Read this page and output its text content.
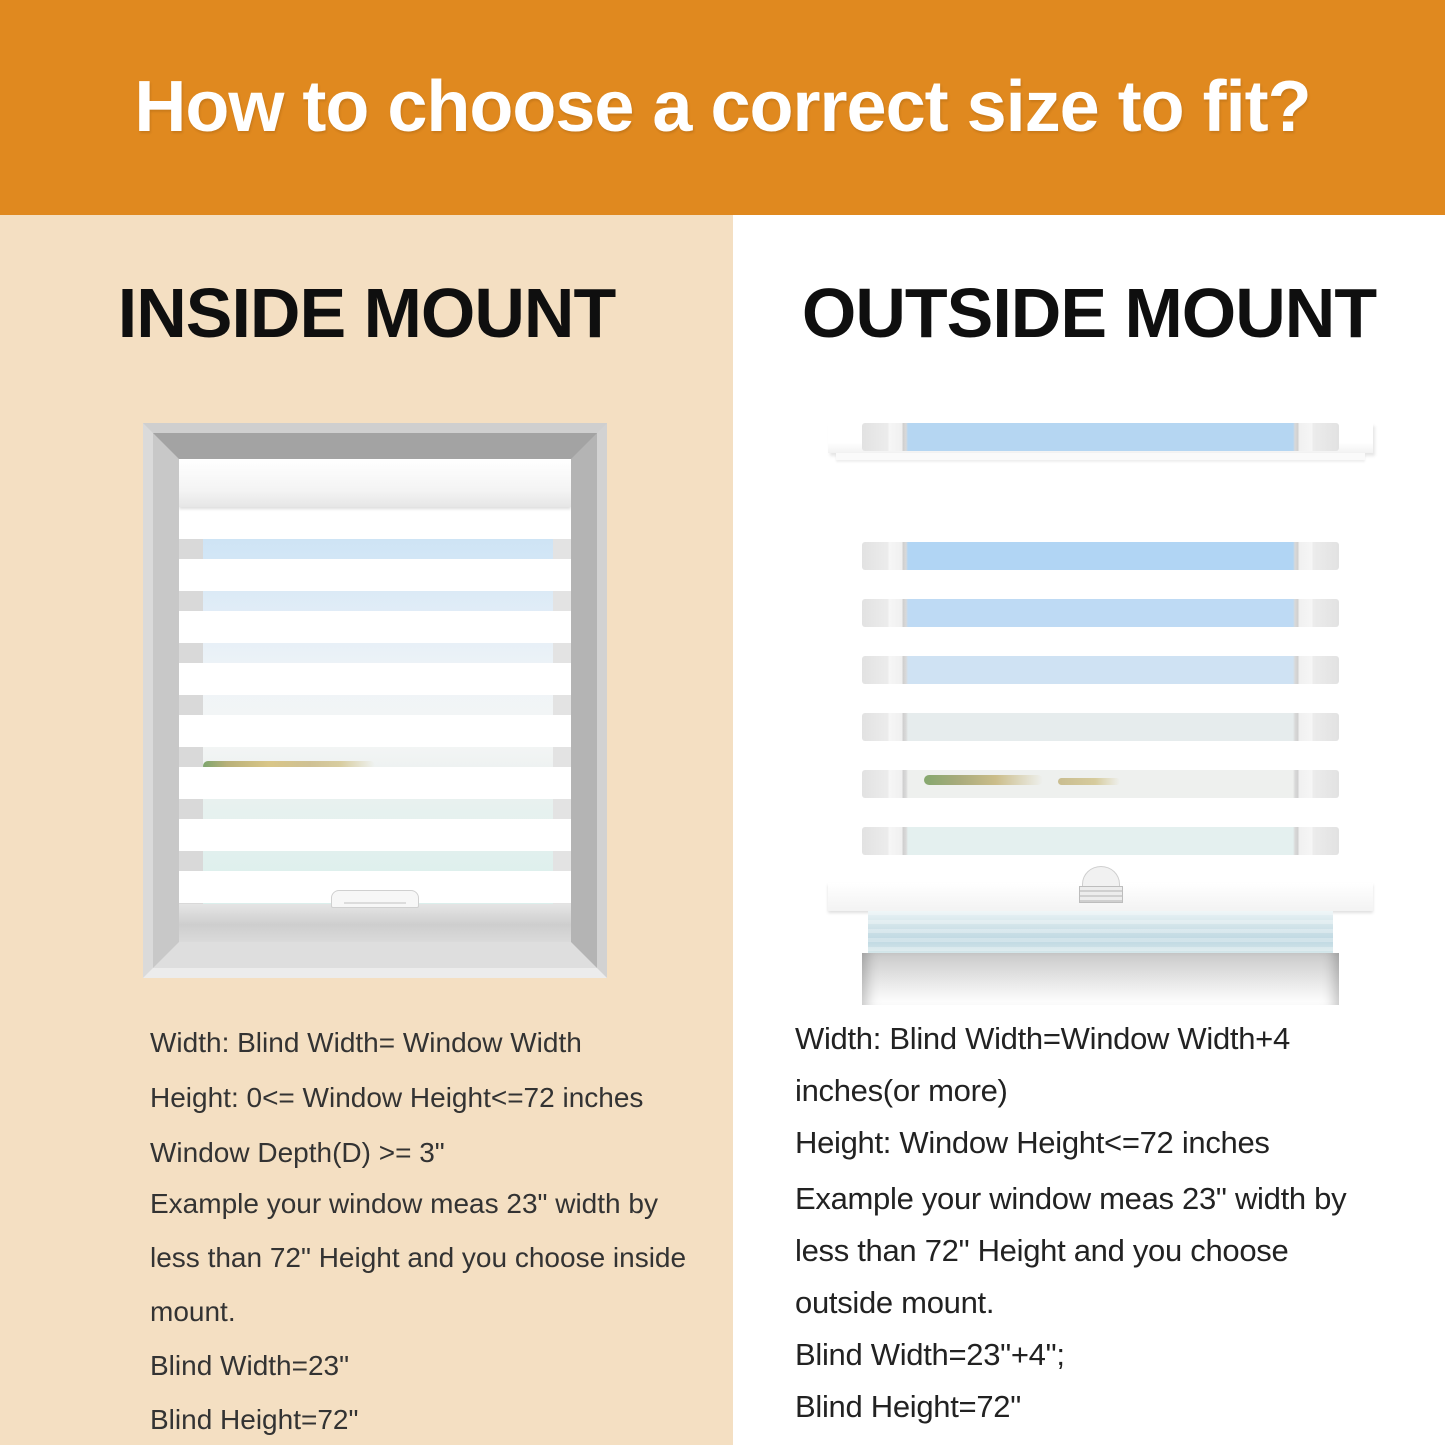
How to choose a correct size to fit?
INSIDE MOUNT
Width: Blind Width= Window Width
Height: 0<= Window Height<=72 inches
Window Depth(D) >= 3"
Example your window meas 23" width by
less than 72" Height and you choose inside
mount.
Blind Width=23"
Blind Height=72"
OUTSIDE MOUNT
Width: Blind Width=Window Width+4
inches(or more)
Height: Window Height<=72 inches
Example your window meas 23" width by
less than 72" Height and you choose
outside mount.
Blind Width=23"+4";
Blind Height=72"
